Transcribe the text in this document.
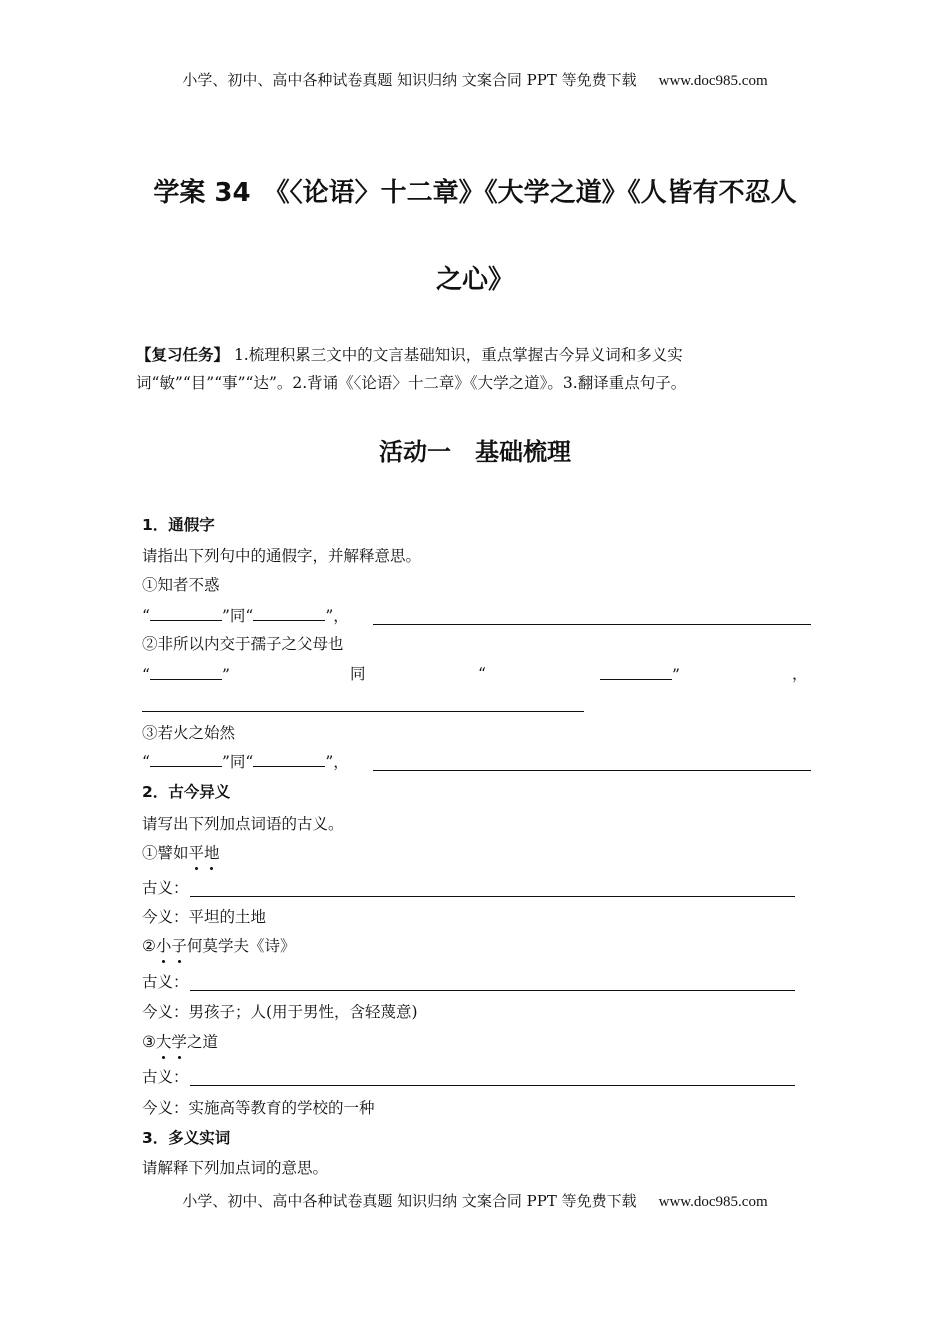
小学、初中、高中各种试卷真题 知识归纳 文案合同 PPT 等免费下载 www.doc985.com
学案 34　《〈论语〉十二章》《大学之道》《人皆有不忍人
之心》
【复习任务】 1.梳理积累三文中的文言基础知识，重点掌握古今异义词和多义实词“敏”“目”“事”“达”。2.背诵《〈论语〉十二章》《大学之道》。3.翻译重点句子。
活动一　基础梳理
1．通假字
请指出下列句中的通假字，并解释意思。
①知者不惑
“	”同“	”，
②非所以内交于孺子之父母也
“	”	同	“	”	，
③若火之始然
“	”同“	”，
2．古今异义
请写出下列加点词语的古义。
①譬如平地
古义：
今义：平坦的土地
②小子何莫学夫《诗》
古义：
今义：男孩子；人(用于男性，含轻蔑意)
③大学之道
古义：
今义：实施高等教育的学校的一种
3．多义实词
请解释下列加点词的意思。
小学、初中、高中各种试卷真题 知识归纳 文案合同 PPT 等免费下载 www.doc985.com
